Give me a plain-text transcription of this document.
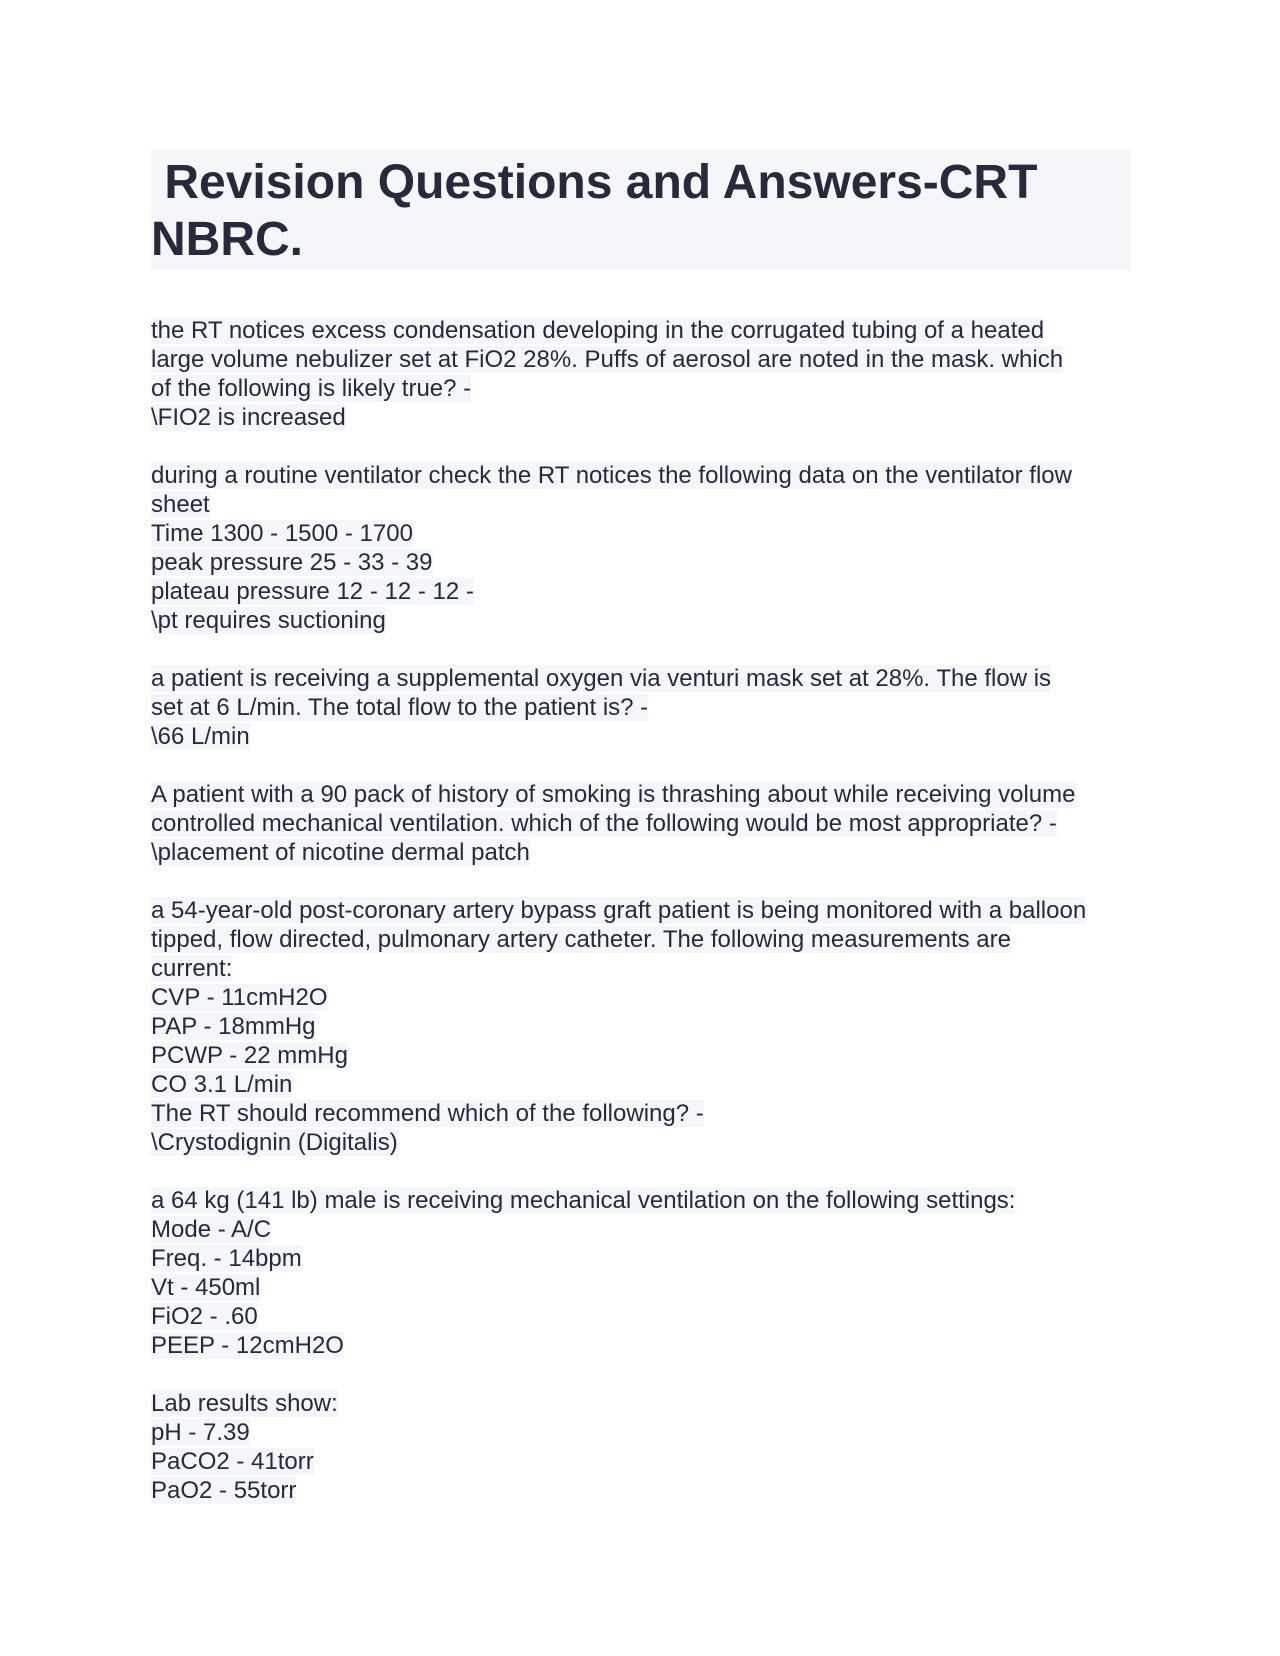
Revision Questions and Answers-CRT NBRC.
the RT notices excess condensation developing in the corrugated tubing of a heated
large volume nebulizer set at FiO2 28%. Puffs of aerosol are noted in the mask. which
of the following is likely true? -
\FIO2 is increased
during a routine ventilator check the RT notices the following data on the ventilator flow
sheet
Time 1300 - 1500 - 1700
peak pressure 25 - 33 - 39
plateau pressure 12 - 12 - 12 -
\pt requires suctioning
a patient is receiving a supplemental oxygen via venturi mask set at 28%. The flow is
set at 6 L/min. The total flow to the patient is? -
\66 L/min
A patient with a 90 pack of history of smoking is thrashing about while receiving volume
controlled mechanical ventilation. which of the following would be most appropriate? -
\placement of nicotine dermal patch
a 54-year-old post-coronary artery bypass graft patient is being monitored with a balloon
tipped, flow directed, pulmonary artery catheter. The following measurements are
current:
CVP - 11cmH2O
PAP - 18mmHg
PCWP - 22 mmHg
CO 3.1 L/min
The RT should recommend which of the following? -
\Crystodignin (Digitalis)
a 64 kg (141 lb) male is receiving mechanical ventilation on the following settings:
Mode - A/C
Freq. - 14bpm
Vt - 450ml
FiO2 - .60
PEEP - 12cmH2O
Lab results show:
pH - 7.39
PaCO2 - 41torr
PaO2 - 55torr
